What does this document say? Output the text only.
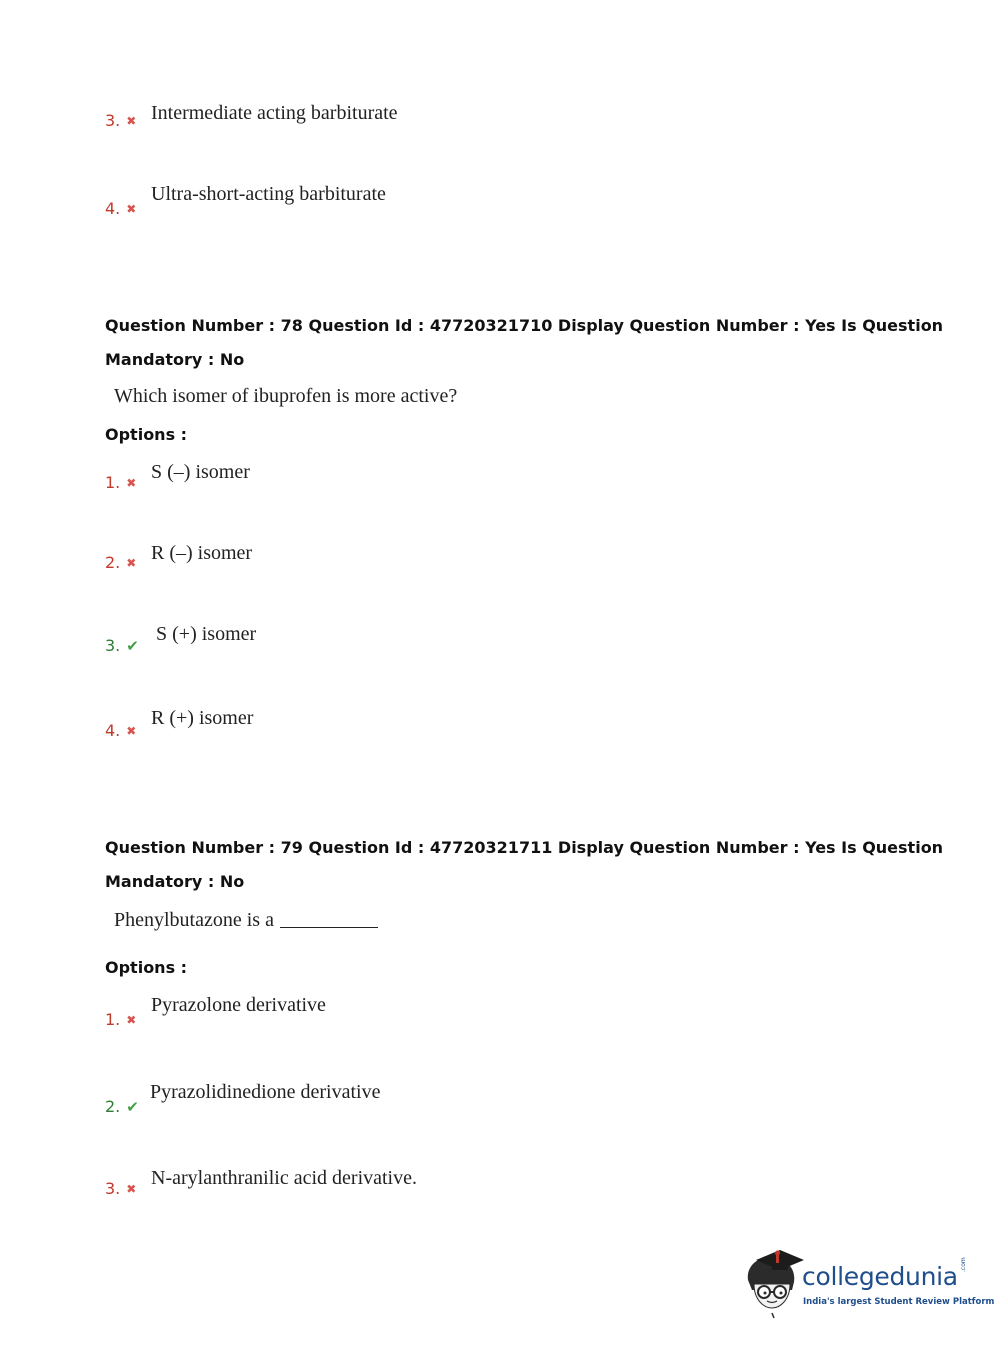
3. ✖ Intermediate acting barbiturate
4. ✖
Ultra-short-acting barbiturate
Question Number : 78 Question Id : 47720321710 Display Question Number : Yes Is Question
Mandatory : No
Which isomer of ibuprofen is more active?
Options :
1. ✖ S (–) isomer
2. ✖ R (–) isomer
3. ✔
S (+) isomer
4. ✖
R (+) isomer
Question Number : 79 Question Id : 47720321711 Display Question Number : Yes Is Question
Mandatory : No
Phenylbutazone is a
Options :
1. ✖
Pyrazolone derivative
2. ✔
Pyrazolidinedione derivative
3. ✖ N-arylanthranilic acid derivative.
collegedunia .com
India's largest Student Review Platform
